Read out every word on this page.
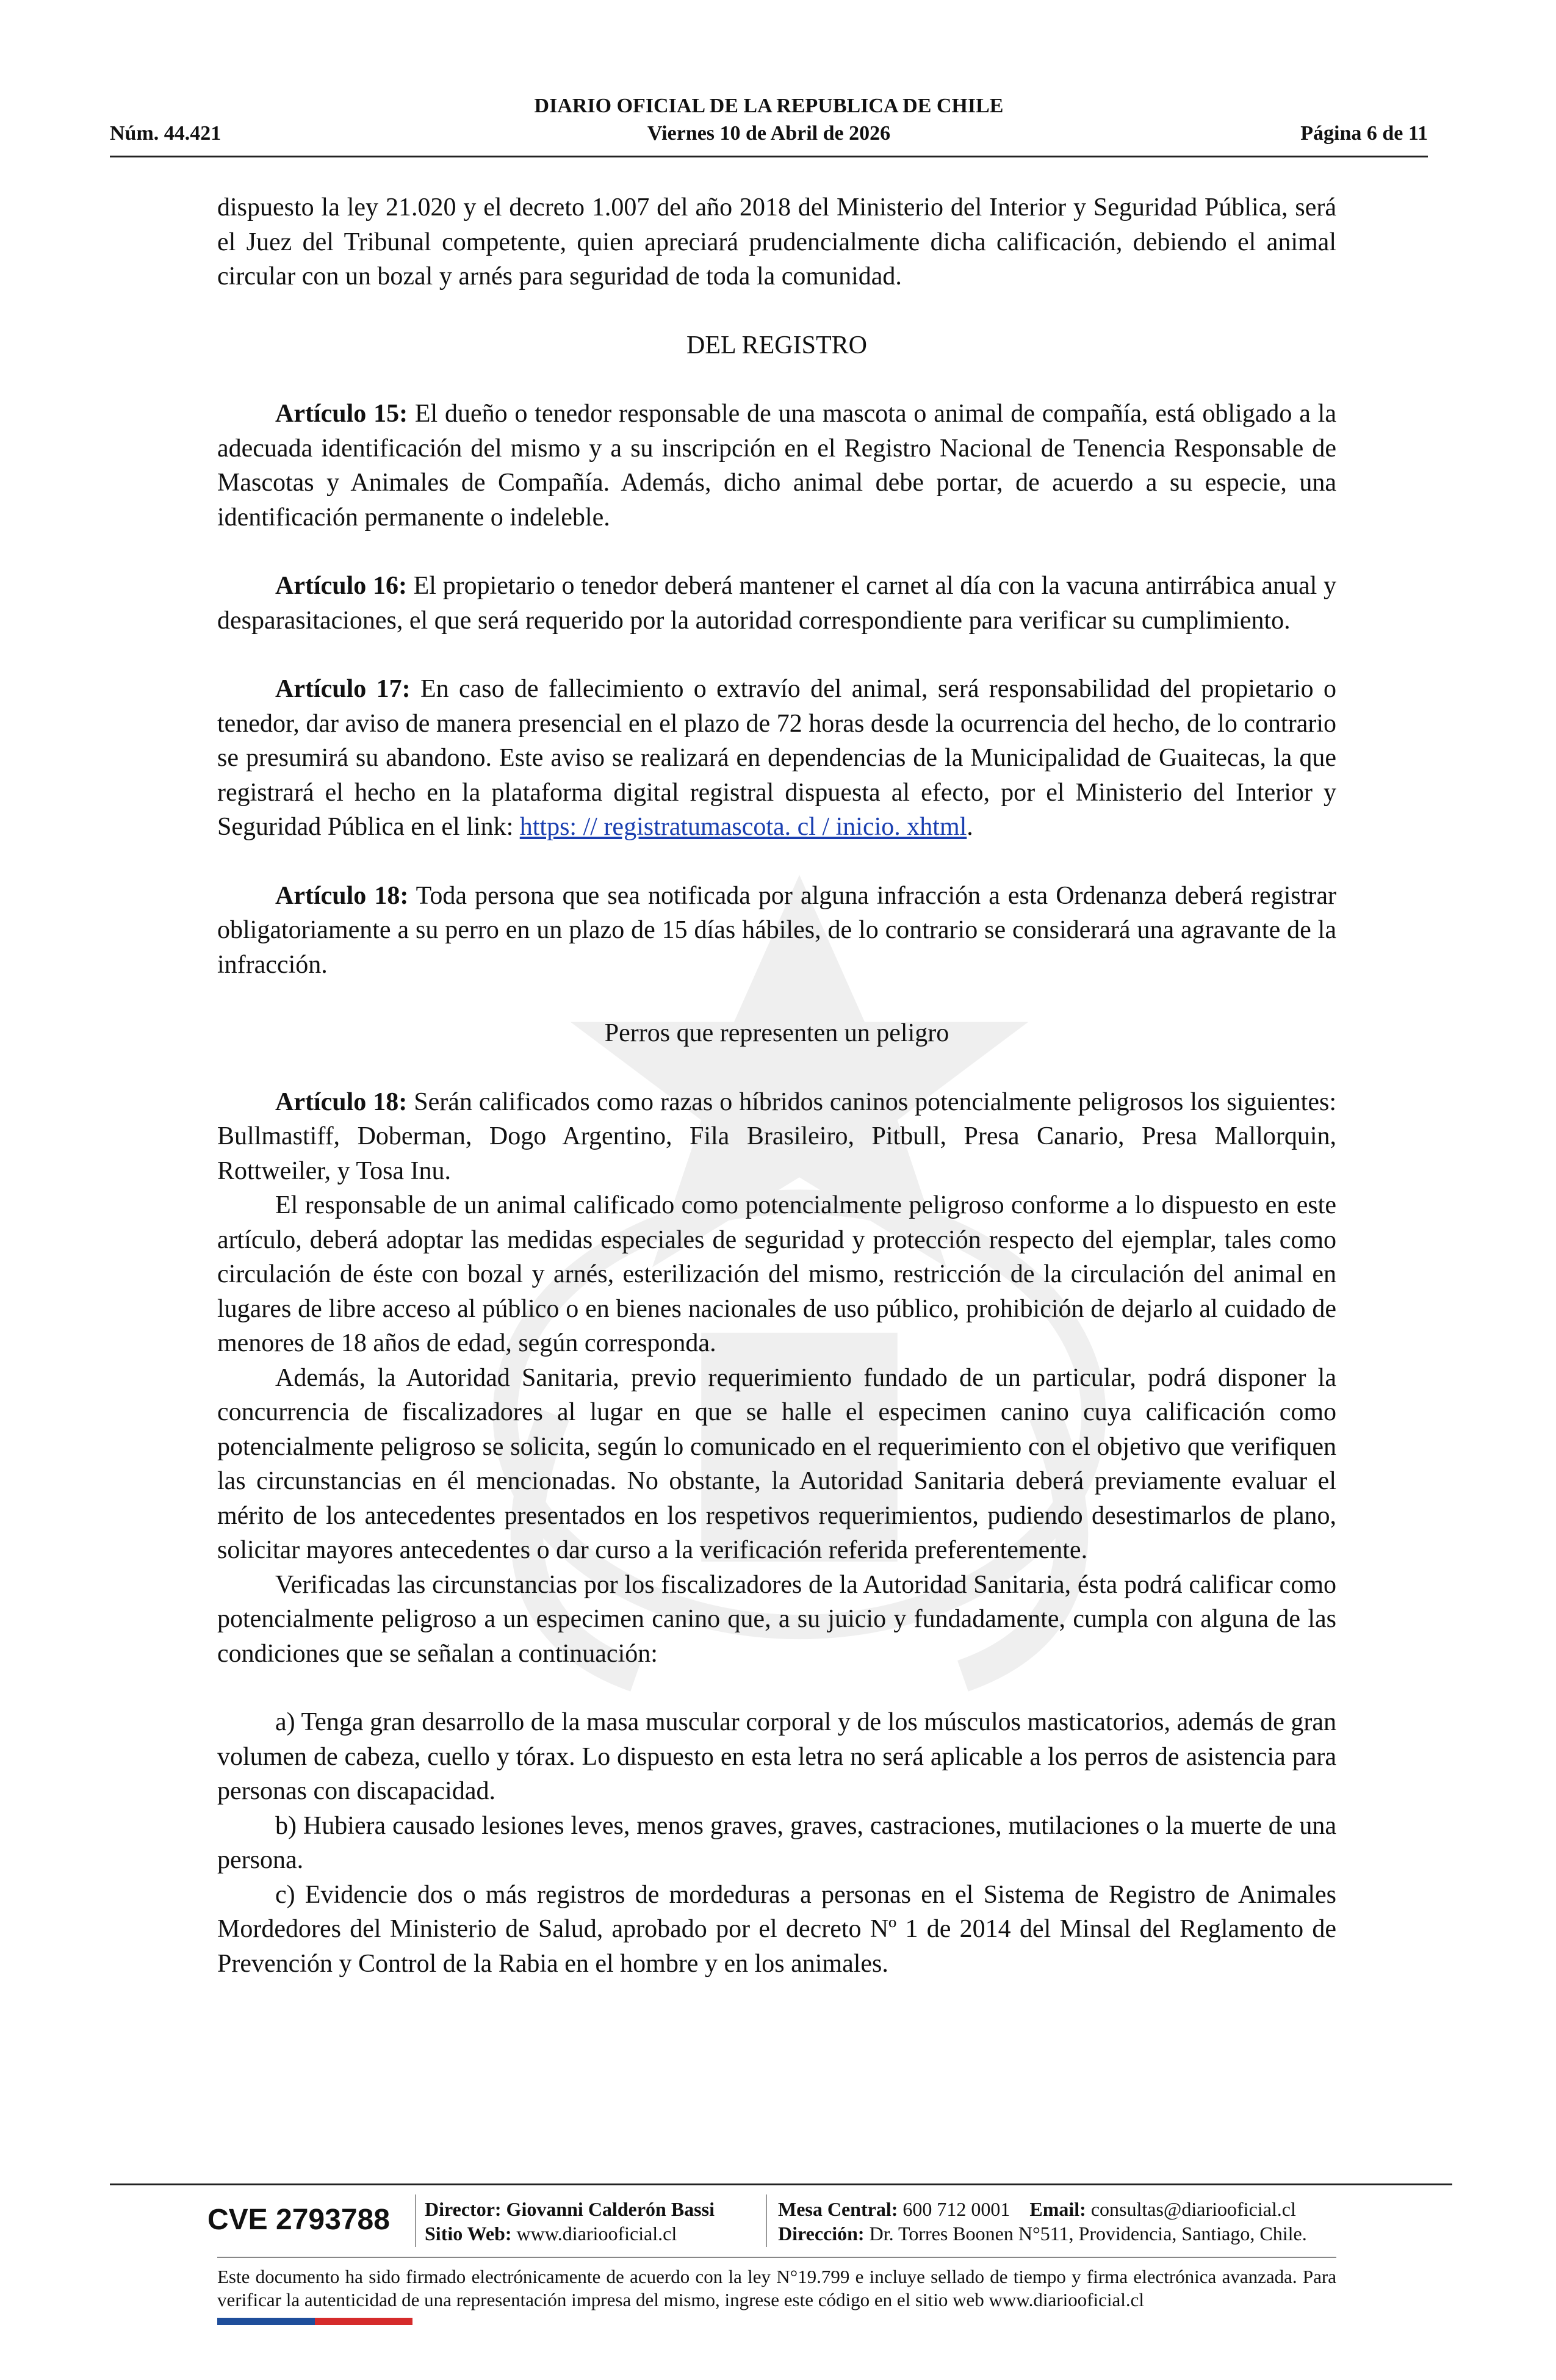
DIARIO OFICIAL DE LA REPUBLICA DE CHILE
Núm. 44.421	Viernes 10 de Abril de 2026	Página 6 de 11

dispuesto la ley 21.020 y el decreto 1.007 del año 2018 del Ministerio del Interior y Seguridad Pública, será el Juez del Tribunal competente, quien apreciará prudencialmente dicha calificación, debiendo el animal circular con un bozal y arnés para seguridad de toda la comunidad.

DEL REGISTRO

Artículo 15: El dueño o tenedor responsable de una mascota o animal de compañía, está obligado a la adecuada identificación del mismo y a su inscripción en el Registro Nacional de Tenencia Responsable de Mascotas y Animales de Compañía. Además, dicho animal debe portar, de acuerdo a su especie, una identificación permanente o indeleble.

Artículo 16: El propietario o tenedor deberá mantener el carnet al día con la vacuna antirrábica anual y desparasitaciones, el que será requerido por la autoridad correspondiente para verificar su cumplimiento.

Artículo 17: En caso de fallecimiento o extravío del animal, será responsabilidad del propietario o tenedor, dar aviso de manera presencial en el plazo de 72 horas desde la ocurrencia del hecho, de lo contrario se presumirá su abandono. Este aviso se realizará en dependencias de la Municipalidad de Guaitecas, la que registrará el hecho en la plataforma digital registral dispuesta al efecto, por el Ministerio del Interior y Seguridad Pública en el link: https: // registratumascota. cl / inicio. xhtml.

Artículo 18: Toda persona que sea notificada por alguna infracción a esta Ordenanza deberá registrar obligatoriamente a su perro en un plazo de 15 días hábiles, de lo contrario se considerará una agravante de la infracción.

Perros que representen un peligro

Artículo 18: Serán calificados como razas o híbridos caninos potencialmente peligrosos los siguientes: Bullmastiff, Doberman, Dogo Argentino, Fila Brasileiro, Pitbull, Presa Canario, Presa Mallorquin, Rottweiler, y Tosa Inu.

El responsable de un animal calificado como potencialmente peligroso conforme a lo dispuesto en este artículo, deberá adoptar las medidas especiales de seguridad y protección respecto del ejemplar, tales como circulación de éste con bozal y arnés, esterilización del mismo, restricción de la circulación del animal en lugares de libre acceso al público o en bienes nacionales de uso público, prohibición de dejarlo al cuidado de menores de 18 años de edad, según corresponda.

Además, la Autoridad Sanitaria, previo requerimiento fundado de un particular, podrá disponer la concurrencia de fiscalizadores al lugar en que se halle el especimen canino cuya calificación como potencialmente peligroso se solicita, según lo comunicado en el requerimiento con el objetivo que verifiquen las circunstancias en él mencionadas. No obstante, la Autoridad Sanitaria deberá previamente evaluar el mérito de los antecedentes presentados en los respetivos requerimientos, pudiendo desestimarlos de plano, solicitar mayores antecedentes o dar curso a la verificación referida preferentemente.

Verificadas las circunstancias por los fiscalizadores de la Autoridad Sanitaria, ésta podrá calificar como potencialmente peligroso a un especimen canino que, a su juicio y fundadamente, cumpla con alguna de las condiciones que se señalan a continuación:

a) Tenga gran desarrollo de la masa muscular corporal y de los músculos masticatorios, además de gran volumen de cabeza, cuello y tórax. Lo dispuesto en esta letra no será aplicable a los perros de asistencia para personas con discapacidad.

b) Hubiera causado lesiones leves, menos graves, graves, castraciones, mutilaciones o la muerte de una persona.

c) Evidencie dos o más registros de mordeduras a personas en el Sistema de Registro de Animales Mordedores del Ministerio de Salud, aprobado por el decreto Nº 1 de 2014 del Minsal del Reglamento de Prevención y Control de la Rabia en el hombre y en los animales.

CVE 2793788	Director: Giovanni Calderón Bassi
Sitio Web: www.diariooficial.cl
Mesa Central: 600 712 0001 Email: consultas@diariooficial.cl
Dirección: Dr. Torres Boonen N°511, Providencia, Santiago, Chile.
Este documento ha sido firmado electrónicamente de acuerdo con la ley N°19.799 e incluye sellado de tiempo y firma electrónica avanzada. Para verificar la autenticidad de una representación impresa del mismo, ingrese este código en el sitio web www.diariooficial.cl
